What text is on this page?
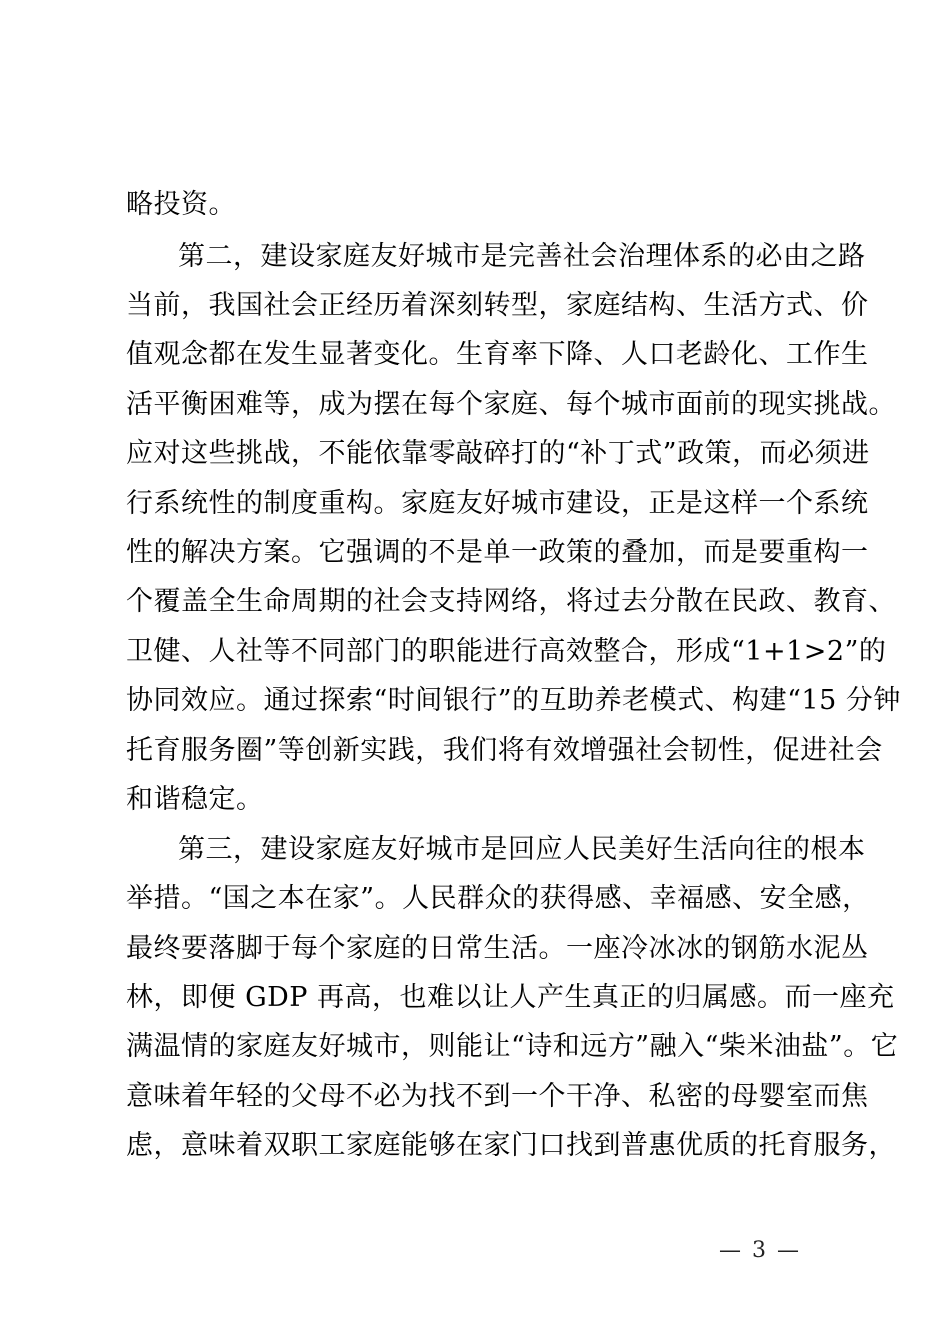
略投资。
第二，建设家庭友好城市是完善社会治理体系的必由之路
当前，我国社会正经历着深刻转型，家庭结构、生活方式、价
值观念都在发生显著变化。生育率下降、人口老龄化、工作生
活平衡困难等，成为摆在每个家庭、每个城市面前的现实挑战。
应对这些挑战，不能依靠零敲碎打的“补丁式”政策，而必须进
行系统性的制度重构。家庭友好城市建设，正是这样一个系统
性的解决方案。它强调的不是单一政策的叠加，而是要重构一
个覆盖全生命周期的社会支持网络，将过去分散在民政、教育、
卫健、人社等不同部门的职能进行高效整合，形成“1+1>2”的
协同效应。通过探索“时间银行”的互助养老模式、构建“15 分钟
托育服务圈”等创新实践，我们将有效增强社会韧性，促进社会
和谐稳定。
第三，建设家庭友好城市是回应人民美好生活向往的根本
举措。“国之本在家”。人民群众的获得感、幸福感、安全感，
最终要落脚于每个家庭的日常生活。一座冷冰冰的钢筋水泥丛
林，即便 GDP 再高，也难以让人产生真正的归属感。而一座充
满温情的家庭友好城市，则能让“诗和远方”融入“柴米油盐”。它
意味着年轻的父母不必为找不到一个干净、私密的母婴室而焦
虑，意味着双职工家庭能够在家门口找到普惠优质的托育服务，
— 3 —
